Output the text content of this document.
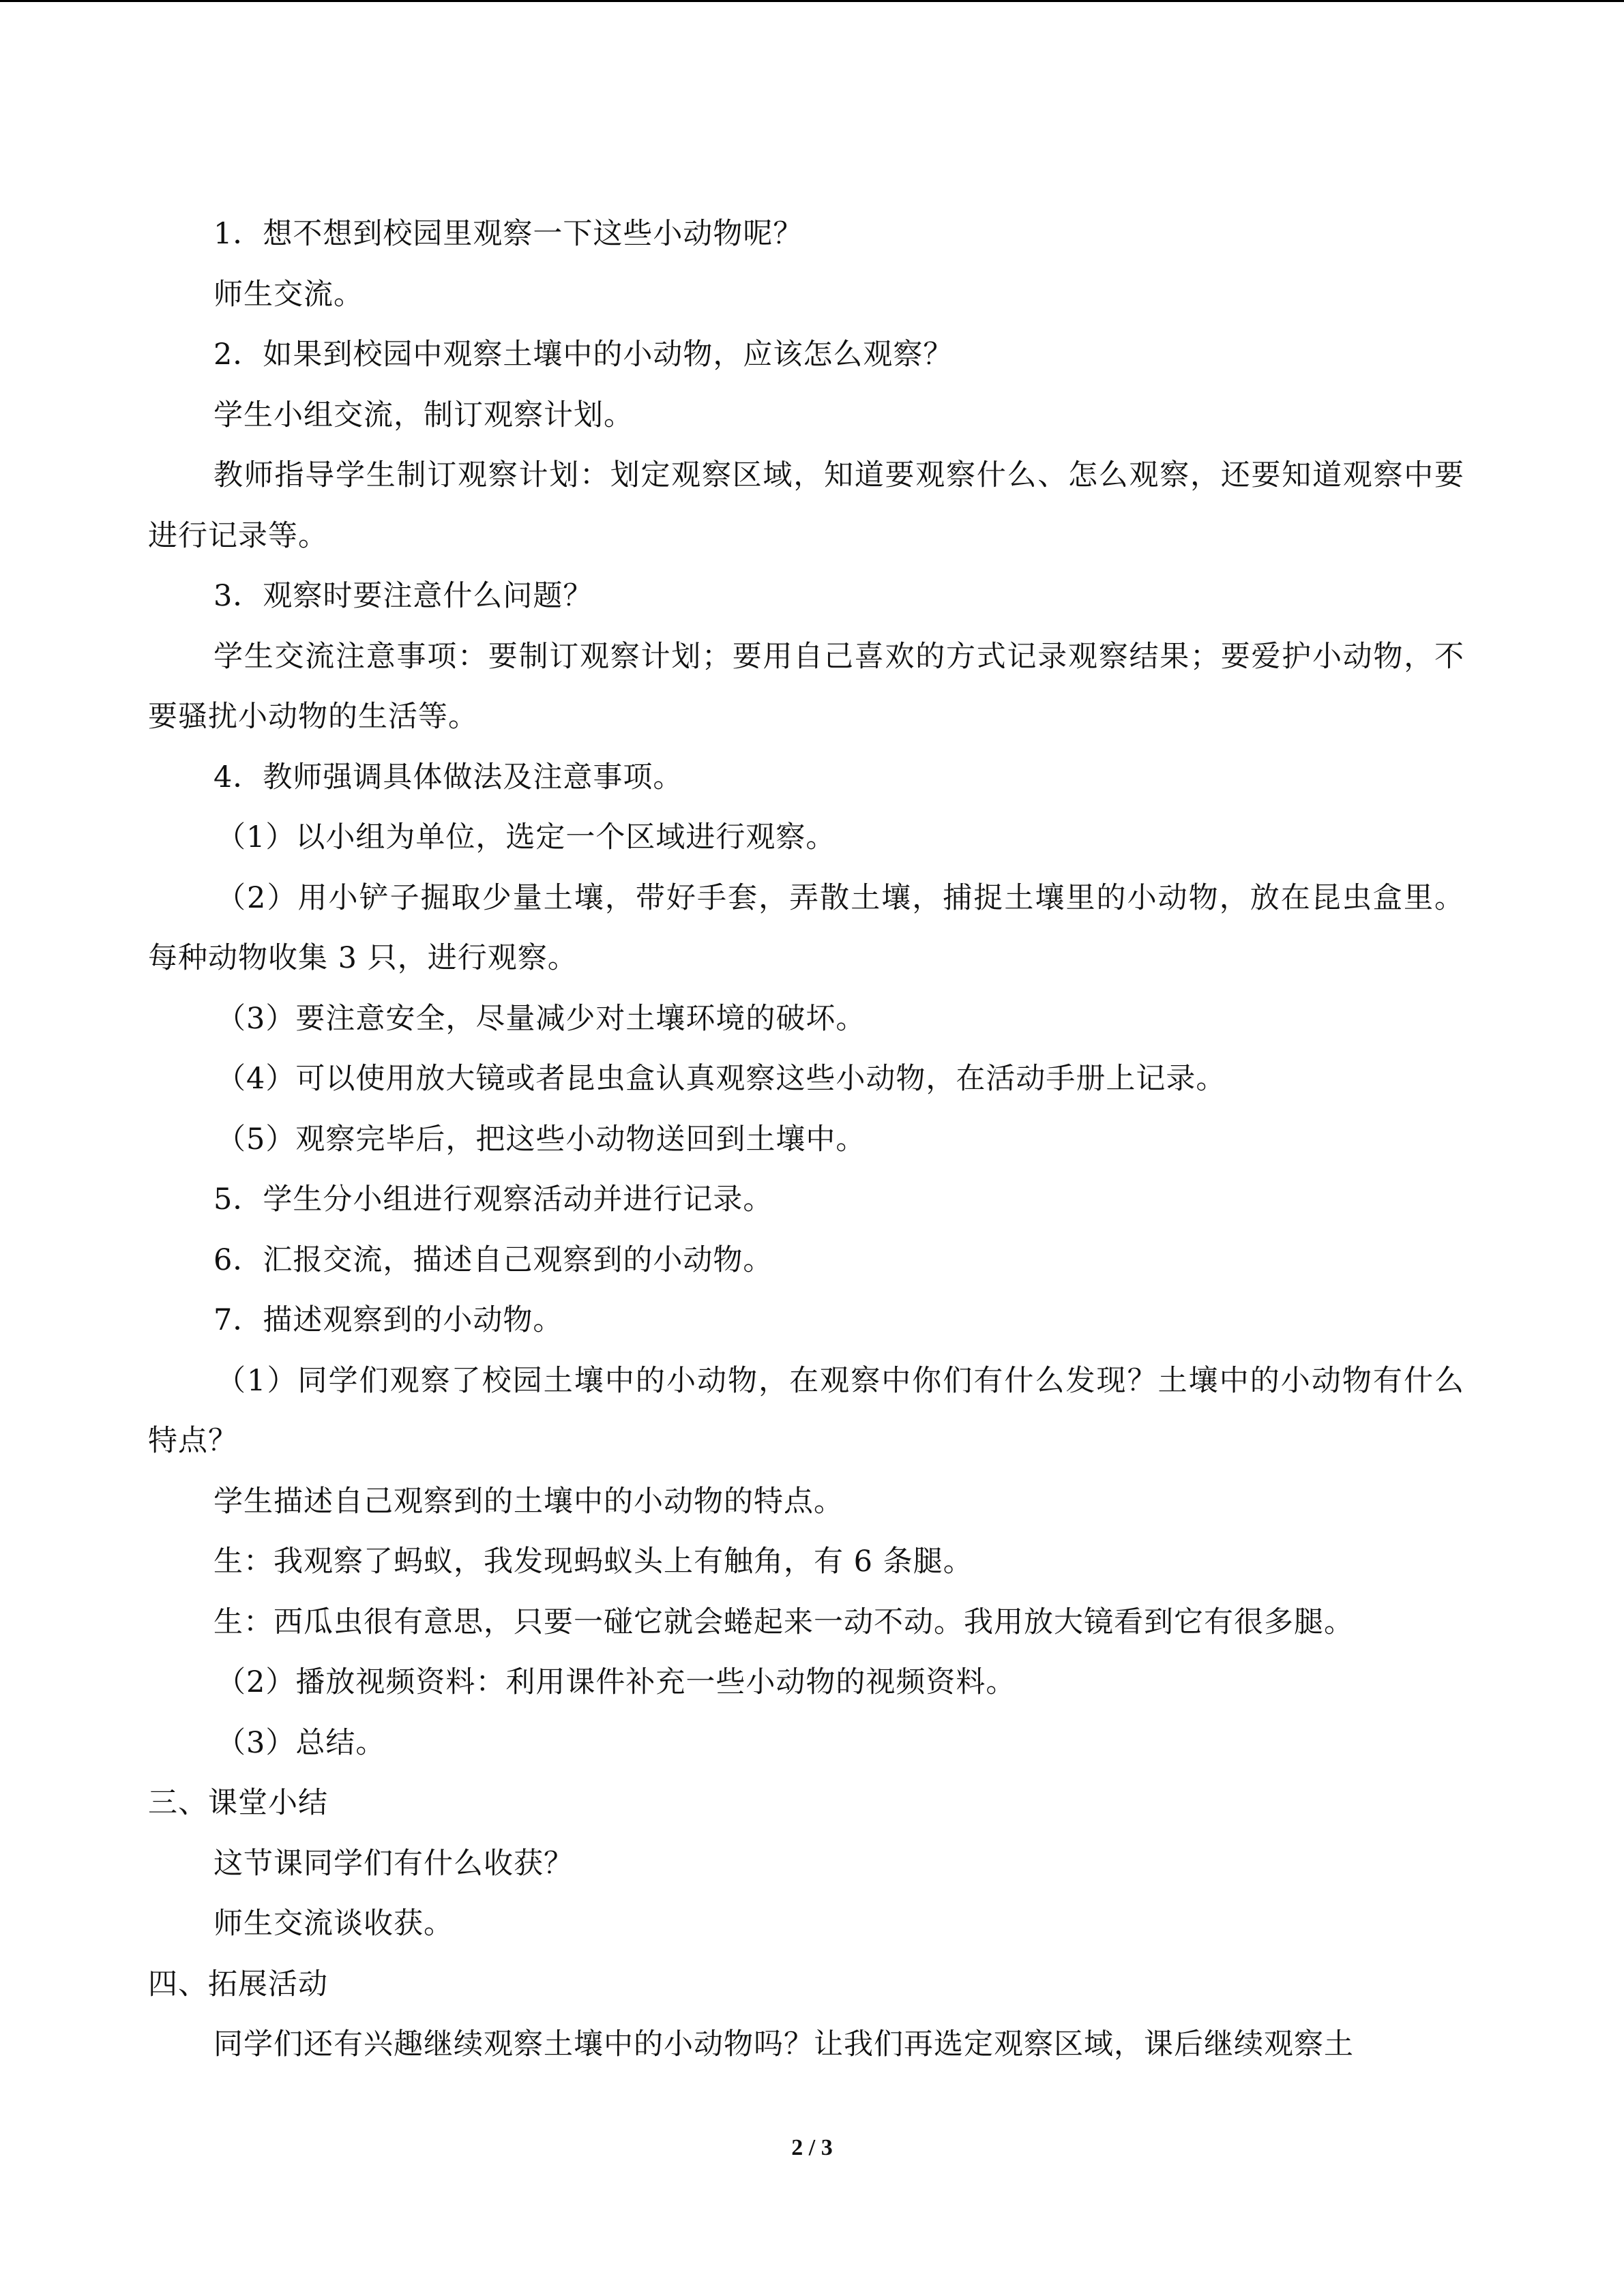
1．想不想到校园里观察一下这些小动物呢？

师生交流。

2．如果到校园中观察土壤中的小动物，应该怎么观察？

学生小组交流，制订观察计划。

教师指导学生制订观察计划：划定观察区域，知道要观察什么、怎么观察，还要知道观察中要进行记录等。

3．观察时要注意什么问题？

学生交流注意事项：要制订观察计划；要用自己喜欢的方式记录观察结果；要爱护小动物，不要骚扰小动物的生活等。

4．教师强调具体做法及注意事项。

（1）以小组为单位，选定一个区域进行观察。

（2）用小铲子掘取少量土壤，带好手套，弄散土壤，捕捉土壤里的小动物，放在昆虫盒里。每种动物收集 3 只，进行观察。

（3）要注意安全，尽量减少对土壤环境的破坏。

（4）可以使用放大镜或者昆虫盒认真观察这些小动物，在活动手册上记录。

（5）观察完毕后，把这些小动物送回到土壤中。

5．学生分小组进行观察活动并进行记录。

6．汇报交流，描述自己观察到的小动物。

7．描述观察到的小动物。

（1）同学们观察了校园土壤中的小动物，在观察中你们有什么发现？土壤中的小动物有什么特点？

学生描述自己观察到的土壤中的小动物的特点。

生：我观察了蚂蚁，我发现蚂蚁头上有触角，有 6 条腿。

生：西瓜虫很有意思，只要一碰它就会蜷起来一动不动。我用放大镜看到它有很多腿。

（2）播放视频资料：利用课件补充一些小动物的视频资料。

（3）总结。

三、课堂小结

这节课同学们有什么收获？

师生交流谈收获。

四、拓展活动

同学们还有兴趣继续观察土壤中的小动物吗？让我们再选定观察区域，课后继续观察土

2 / 3
